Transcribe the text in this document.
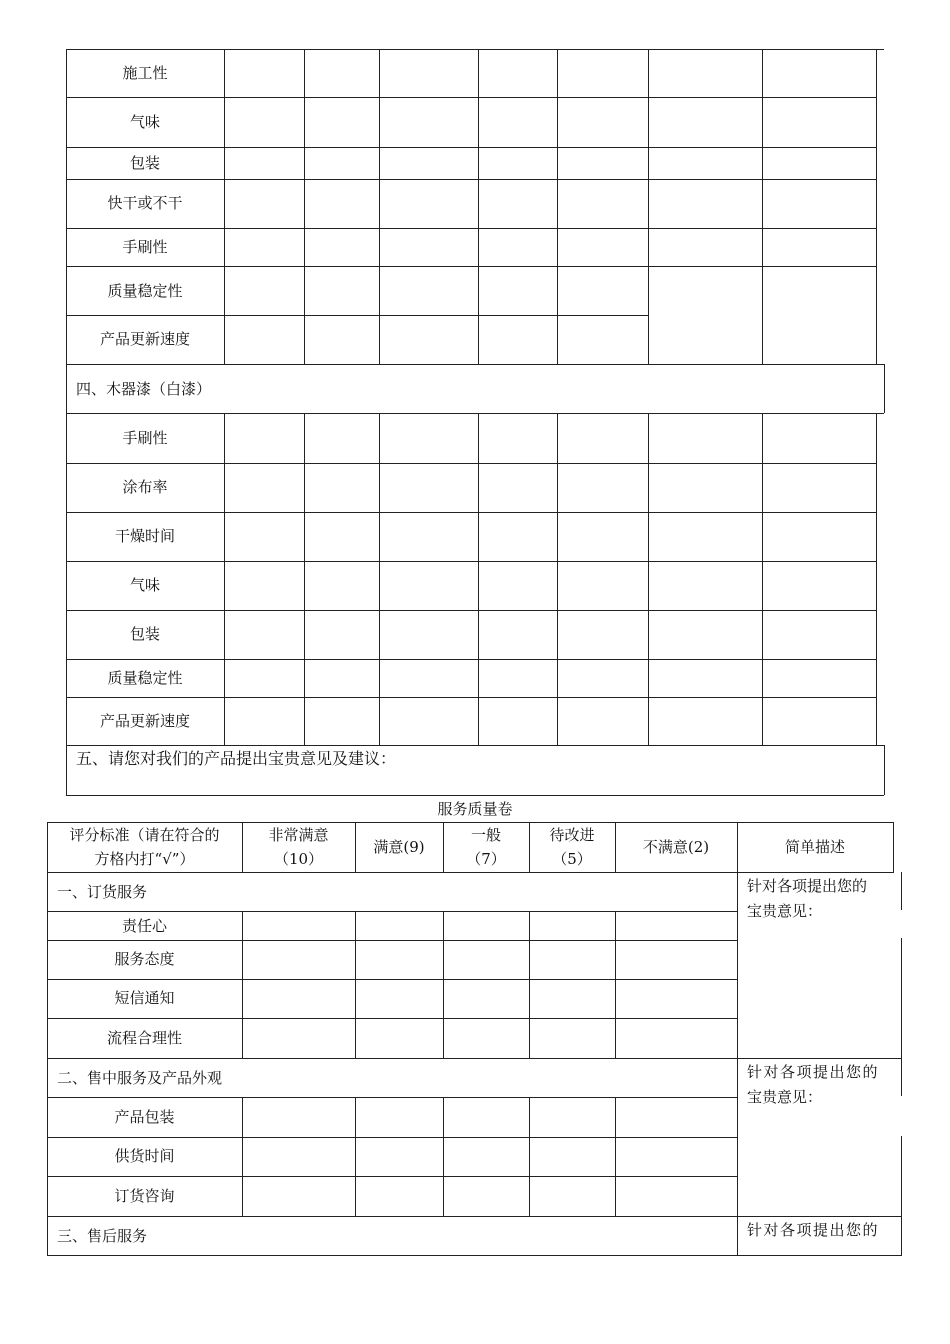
施工性
气味
包装
快干或不干
手刷性
质量稳定性
产品更新速度
四、木器漆（白漆）
手刷性
涂布率
干燥时间
气味
包装
质量稳定性
产品更新速度
五、请您对我们的产品提出宝贵意见及建议：
服务质量卷
评分标准（请在符合的
方格内打“√”）
非常满意
（10）
满意(9)
一般
（7）
待改进
（5）
不满意(2)	简单描述
一、订货服务
责任心
服务态度
短信通知
流程合理性
针对各项提出您的
宝贵意见：
二、售中服务及产品外观
产品包装
供货时间
订货咨询
针对各项提出您的
宝贵意见：
三、售后服务	针对各项提出您的
